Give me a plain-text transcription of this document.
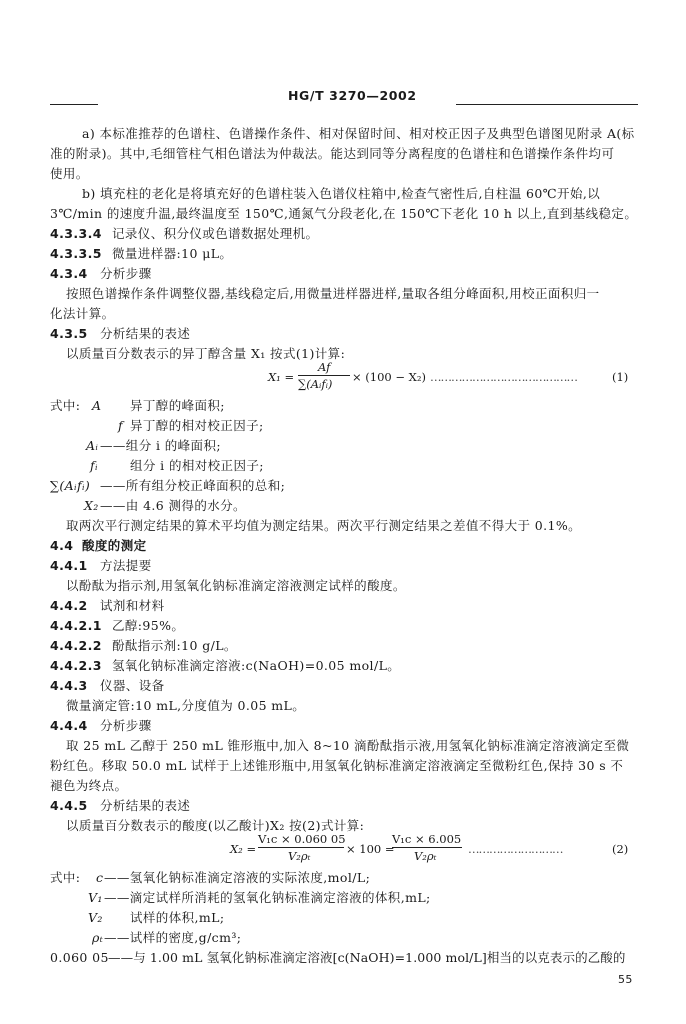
HG/T 3270—2002
a) 本标准推荐的色谱柱、色谱操作条件、相对保留时间、相对校正因子及典型色谱图见附录 A(标
准的附录)。其中,毛细管柱气相色谱法为仲裁法。能达到同等分离程度的色谱柱和色谱操作条件均可
使用。
b) 填充柱的老化是将填充好的色谱柱装入色谱仪柱箱中,检查气密性后,自柱温 60℃开始,以
3℃/min 的速度升温,最终温度至 150℃,通氮气分段老化,在 150℃下老化 10 h 以上,直到基线稳定。
4.3.3.4 记录仪、积分仪或色谱数据处理机。
4.3.3.5 微量进样器:10 μL。
4.3.4 分析步骤
按照色谱操作条件调整仪器,基线稳定后,用微量进样器进样,量取各组分峰面积,用校正面积归一
化法计算。
4.3.5 分析结果的表述
以质量百分数表示的异丁醇含量 X₁ 按式(1)计算:
X₁ =
Af
∑(Aᵢfᵢ) × (100 − X₂) ……………………………………	(1)
式中: A 异丁醇的峰面积;
f 异丁醇的相对校正因子;
Aᵢ ——组分 i 的峰面积;
fᵢ	组分 i 的相对校正因子;
∑(Aᵢfᵢ) ——所有组分校正峰面积的总和;
X₂ ——由 4.6 测得的水分。
取两次平行测定结果的算术平均值为测定结果。两次平行测定结果之差值不得大于 0.1%。
4.4 酸度的测定
4.4.1 方法提要
以酚酞为指示剂,用氢氧化钠标准滴定溶液测定试样的酸度。
4.4.2 试剂和材料
4.4.2.1 乙醇:95%。
4.4.2.2 酚酞指示剂:10 g/L。
4.4.2.3 氢氧化钠标准滴定溶液:c(NaOH)=0.05 mol/L。
4.4.3 仪器、设备
微量滴定管:10 mL,分度值为 0.05 mL。
4.4.4 分析步骤
取 25 mL 乙醇于 250 mL 锥形瓶中,加入 8~10 滴酚酞指示液,用氢氧化钠标准滴定溶液滴定至微
粉红色。移取 50.0 mL 试样于上述锥形瓶中,用氢氧化钠标准滴定溶液滴定至微粉红色,保持 30 s 不
褪色为终点。
4.4.5 分析结果的表述
以质量百分数表示的酸度(以乙酸计)X₂ 按(2)式计算:
X₂ =
V₁c × 0.060 05
V₂ρₜ	× 100 =
V₁c × 6.005
V₂ρₜ	………………………	(2)
式中: c ——氢氧化钠标准滴定溶液的实际浓度,mol/L;
V₁ ——滴定试样所消耗的氢氧化钠标准滴定溶液的体积,mL;
V₂ 试样的体积,mL;
ρₜ ——试样的密度,g/cm³;
0.060 05 ——与 1.00 mL 氢氧化钠标准滴定溶液[c(NaOH)=1.000 mol/L]相当的以克表示的乙酸的
55
